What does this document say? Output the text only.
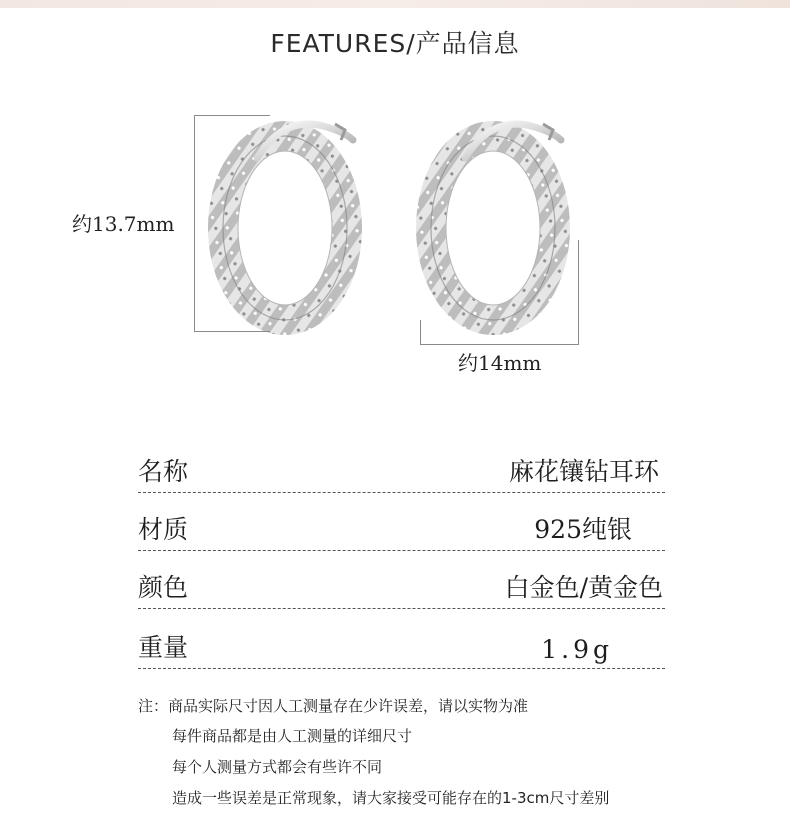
FEATURES/产品信息
约13.7mm
约14mm
名称	麻花镶钻耳环
材质	925纯银
颜色	白金色/黄金色
重量	1.9g
注：商品实际尺寸因人工测量存在少许误差，请以实物为准
每件商品都是由人工测量的详细尺寸
每个人测量方式都会有些许不同
造成一些误差是正常现象，请大家接受可能存在的1-3cm尺寸差别
